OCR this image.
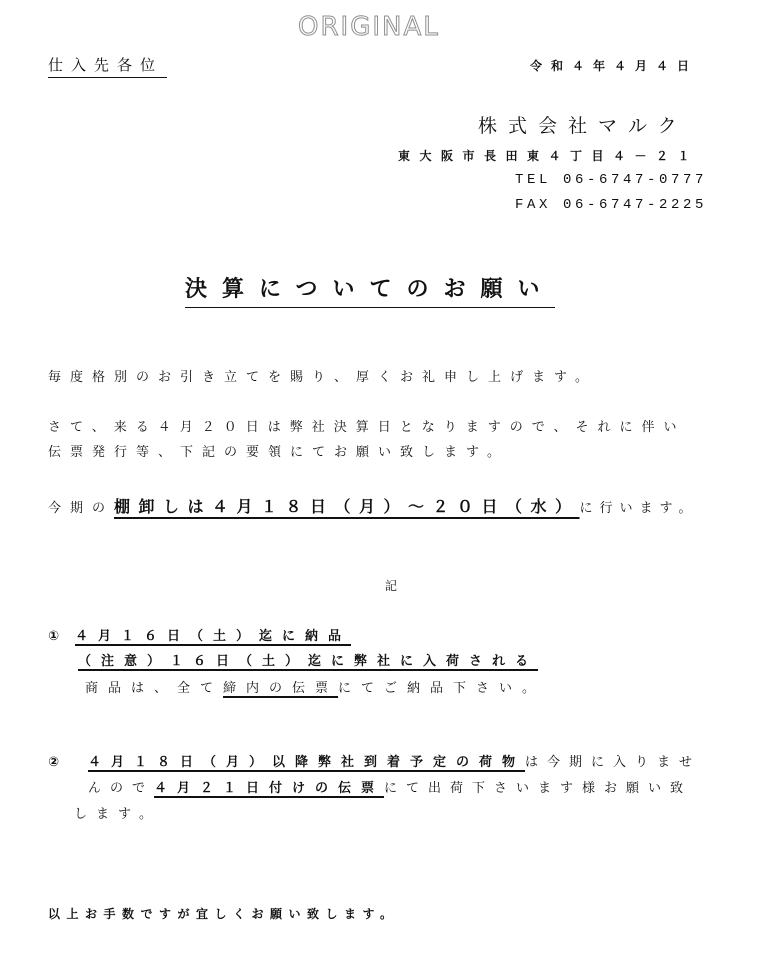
ORIGINAL
仕入先各位	令和４年４月４日
株式会社マルク
東大阪市長田東４丁目４－２１
TEL 06-6747-0777
FAX 06-6747-2225
決算についてのお願い
毎度格別のお引き立てを賜り、厚くお礼申し上げます。
さて、来る４月２０日は弊社決算日となりますので、それに伴い
伝票発行等、下記の要領にてお願い致します。
今期の棚卸しは４月１８日（月）～２０日（水）に行います。
記
① ４月１６日（土）迄に納品
（注意）１６日（土）迄に弊社に入荷される
商品は、全て締内の伝票にてご納品下さい。
② ４月１８日（月）以降弊社到着予定の荷物は今期に入りませ
んので４月２１日付けの伝票にて出荷下さいます様お願い致
します。
以上お手数ですが宜しくお願い致します。
